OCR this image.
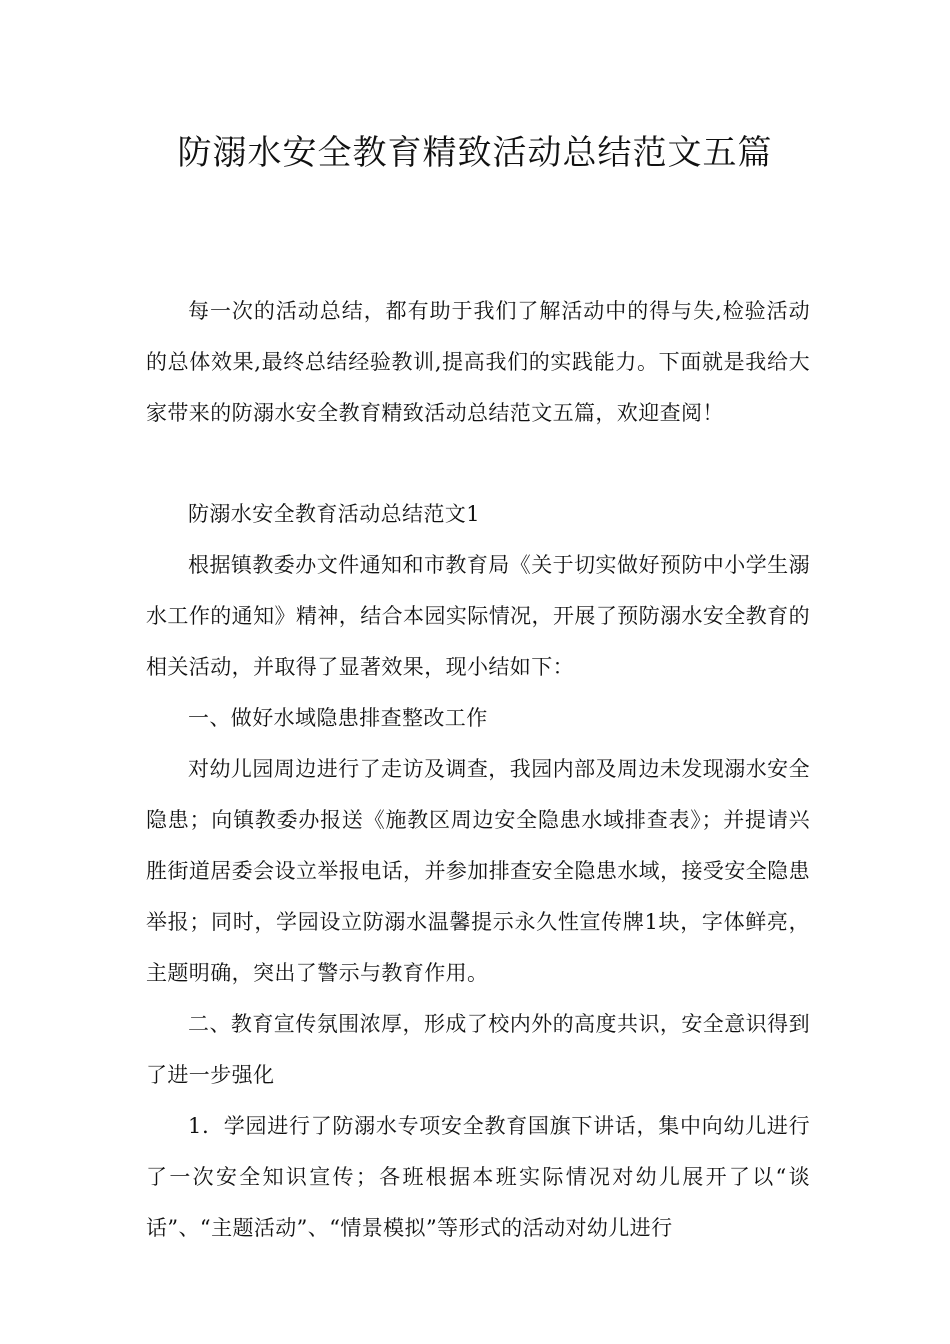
防溺水安全教育精致活动总结范文五篇

每一次的活动总结，都有助于我们了解活动中的得与失,检验活动的总体效果,最终总结经验教训,提高我们的实践能力。下面就是我给大家带来的防溺水安全教育精致活动总结范文五篇，欢迎查阅！

防溺水安全教育活动总结范文1

根据镇教委办文件通知和市教育局《关于切实做好预防中小学生溺水工作的通知》精神，结合本园实际情况，开展了预防溺水安全教育的相关活动，并取得了显著效果，现小结如下：

一、做好水域隐患排查整改工作

对幼儿园周边进行了走访及调查，我园内部及周边未发现溺水安全隐患；向镇教委办报送《施教区周边安全隐患水域排查表》；并提请兴胜街道居委会设立举报电话，并参加排查安全隐患水域，接受安全隐患举报；同时，学园设立防溺水温馨提示永久性宣传牌1块，字体鲜亮，主题明确，突出了警示与教育作用。

二、教育宣传氛围浓厚，形成了校内外的高度共识，安全意识得到了进一步强化

1．学园进行了防溺水专项安全教育国旗下讲话，集中向幼儿进行了一次安全知识宣传；各班根据本班实际情况对幼儿展开了以“谈话”、“主题活动”、“情景模拟”等形式的活动对幼儿进行
